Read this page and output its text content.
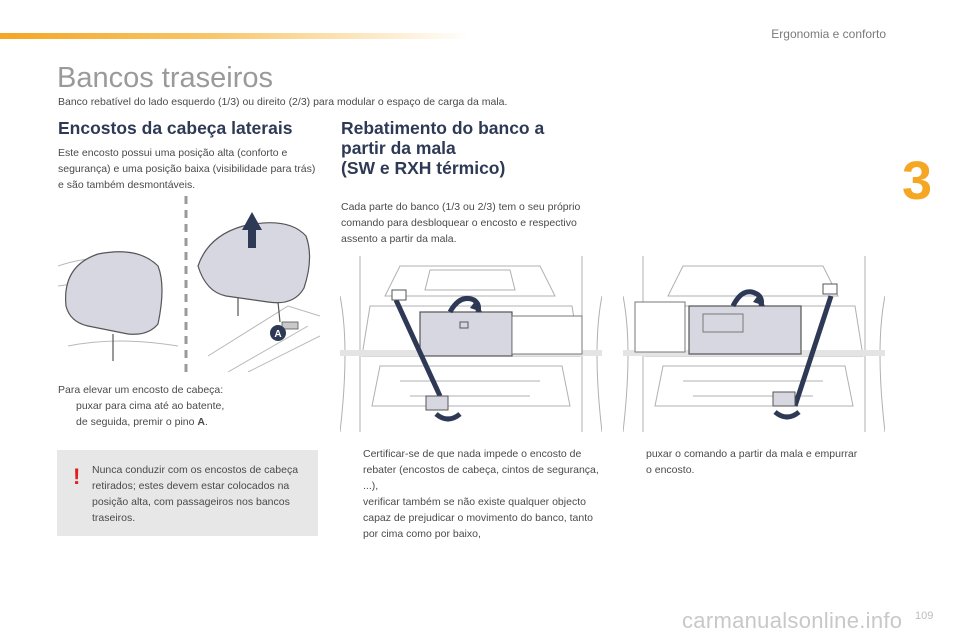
Ergonomia e conforto
3
Bancos traseiros
Banco rebatível do lado esquerdo (1/3) ou direito (2/3) para modular o espaço de carga da mala.
Encostos da cabeça laterais
Este encosto possui uma posição alta (conforto e segurança) e uma posição baixa (visibilidade para trás) e são também desmontáveis.
A
Para elevar um encosto de cabeça:
puxar para cima até ao batente,
de seguida, premir o pino A.
! Nunca conduzir com os encostos de cabeça retirados; estes devem estar colocados na posição alta, com passageiros nos bancos traseiros.
Rebatimento do banco a
partir da mala
(SW e RXH térmico)
Cada parte do banco (1/3 ou 2/3) tem o seu próprio comando para desbloquear o encosto e respectivo assento a partir da mala.
Certificar-se de que nada impede o encosto de rebater (encostos de cabeça, cintos de segurança, ...),
verificar também se não existe qualquer objecto capaz de prejudicar o movimento do banco, tanto por cima como por baixo,
puxar o comando a partir da mala e empurrar o encosto.
carmanualsonline.info 109
